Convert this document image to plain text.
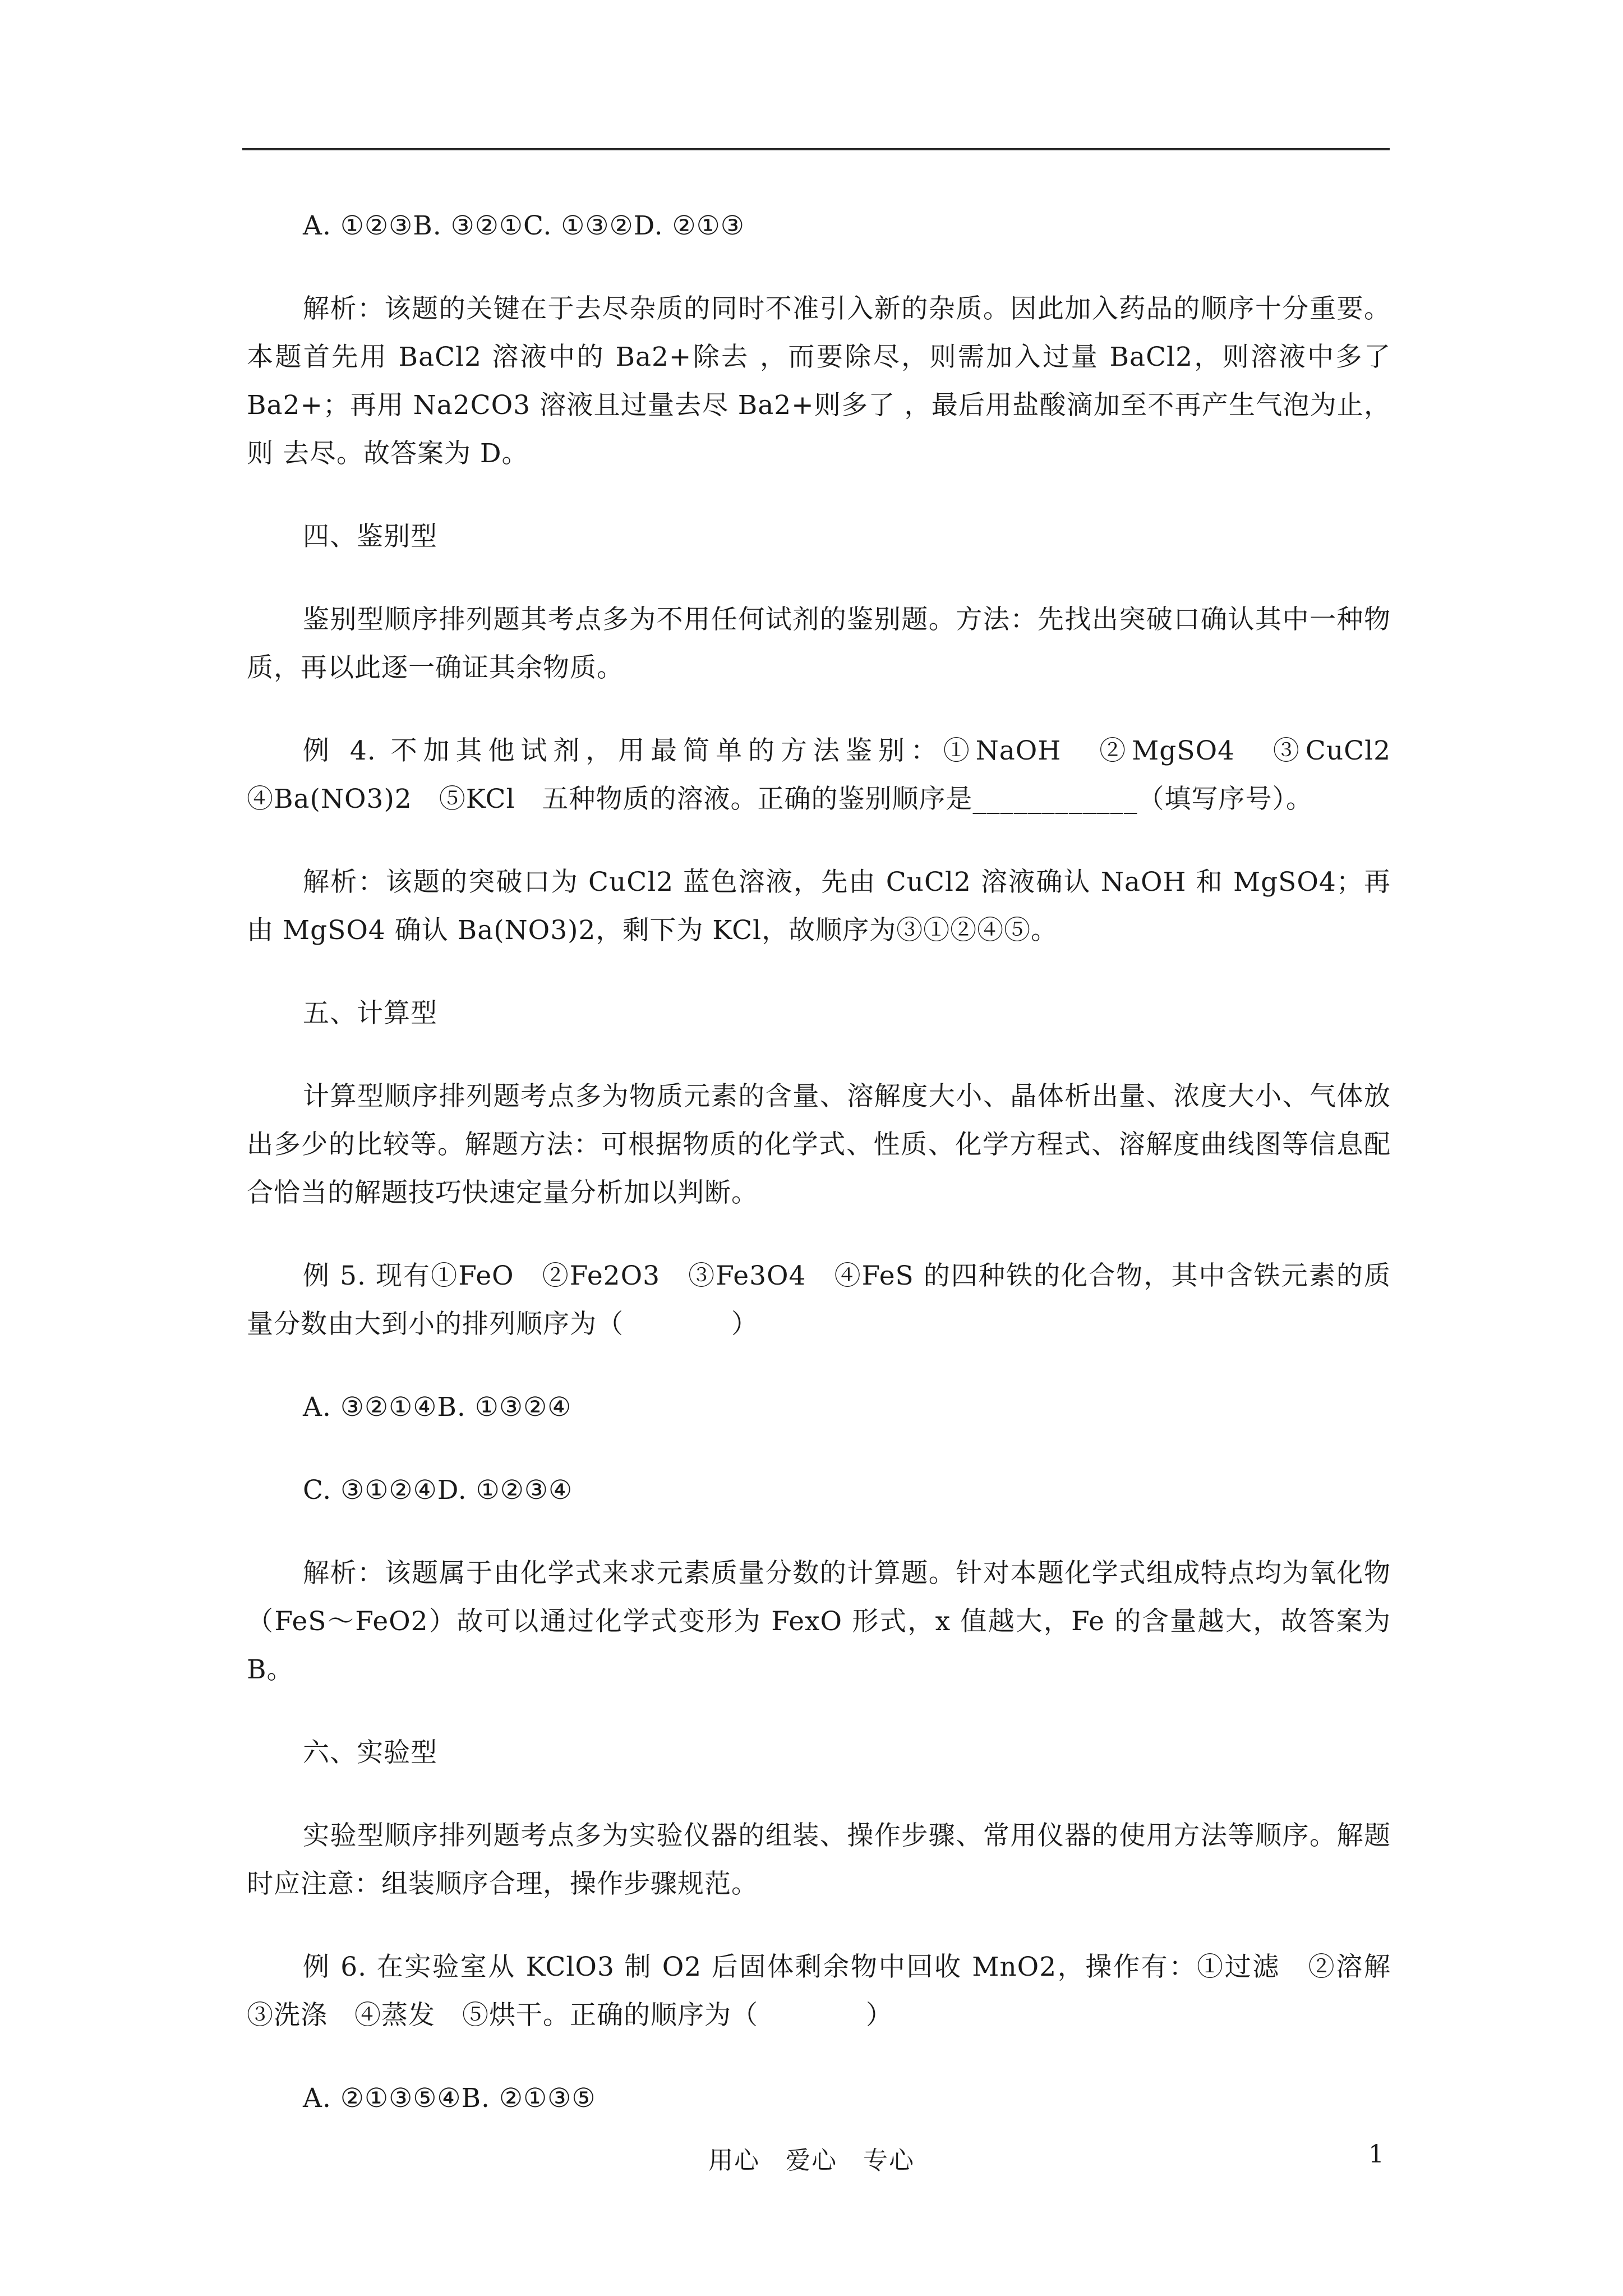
A. ①②③B. ③②①C. ①③②D. ②①③

解析：该题的关键在于去尽杂质的同时不准引入新的杂质。因此加入药品的顺序十分重要。本题首先用 BaCl2 溶液中的 Ba2+除去 ，而要除尽，则需加入过量 BaCl2，则溶液中多了 Ba2+；再用 Na2CO3 溶液且过量去尽 Ba2+则多了 ，最后用盐酸滴加至不再产生气泡为止，则 去尽。故答案为 D。

四、鉴别型

鉴别型顺序排列题其考点多为不用任何试剂的鉴别题。方法：先找出突破口确认其中一种物质，再以此逐一确证其余物质。

例 4. 不加其他试剂，用最简单的方法鉴别：①NaOH　②MgSO4　③CuCl2　④Ba(NO3)2　⑤KCl　五种物质的溶液。正确的鉴别顺序是____________（填写序号）。

解析：该题的突破口为 CuCl2 蓝色溶液，先由 CuCl2 溶液确认 NaOH 和 MgSO4；再由 MgSO4 确认 Ba(NO3)2，剩下为 KCl，故顺序为③①②④⑤。

五、计算型

计算型顺序排列题考点多为物质元素的含量、溶解度大小、晶体析出量、浓度大小、气体放出多少的比较等。解题方法：可根据物质的化学式、性质、化学方程式、溶解度曲线图等信息配合恰当的解题技巧快速定量分析加以判断。

例 5. 现有①FeO　②Fe2O3　③Fe3O4　④FeS 的四种铁的化合物，其中含铁元素的质量分数由大到小的排列顺序为（　　　　）

A. ③②①④B. ①③②④

C. ③①②④D. ①②③④

解析：该题属于由化学式来求元素质量分数的计算题。针对本题化学式组成特点均为氧化物（FeS～FeO2）故可以通过化学式变形为 FexO 形式，x 值越大，Fe 的含量越大，故答案为 B。

六、实验型

实验型顺序排列题考点多为实验仪器的组装、操作步骤、常用仪器的使用方法等顺序。解题时应注意：组装顺序合理，操作步骤规范。

例 6. 在实验室从 KClO3 制 O2 后固体剩余物中回收 MnO2，操作有：①过滤　②溶解　③洗涤　④蒸发　⑤烘干。正确的顺序为（　　　　）

A. ②①③⑤④B. ②①③⑤

用心　爱心　专心	1
